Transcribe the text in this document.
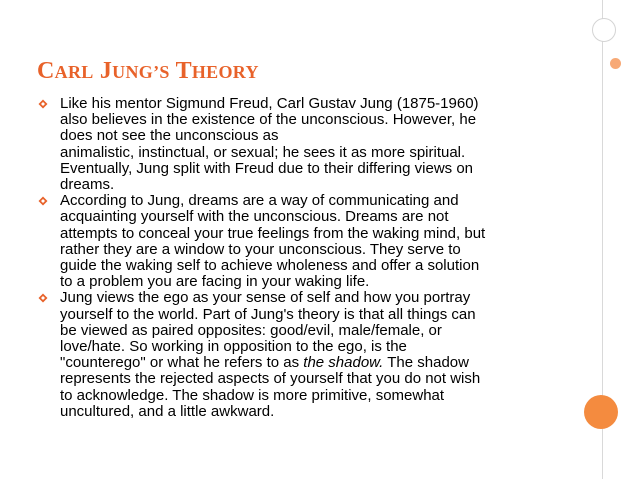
CARL JUNG’S THEORY
Like his mentor Sigmund Freud, Carl Gustav Jung (1875-1960)
also believes in the existence of the unconscious. However, he
does not see the unconscious as
animalistic, instinctual, or sexual; he sees it as more spiritual.
Eventually, Jung split with Freud due to their differing views on
dreams.
According to Jung, dreams are a way of communicating and
acquainting yourself with the unconscious. Dreams are not
attempts to conceal your true feelings from the waking mind, but
rather they are a window to your unconscious. They serve to
guide the waking self to achieve wholeness and offer a solution
to a problem you are facing in your waking life.
Jung views the ego as your sense of self and how you portray
yourself to the world. Part of Jung's theory is that all things can
be viewed as paired opposites: good/evil, male/female, or
love/hate. So working in opposition to the ego, is the
"counterego" or what he refers to as the shadow. The shadow
represents the rejected aspects of yourself that you do not wish
to acknowledge. The shadow is more primitive, somewhat
uncultured, and a little awkward.
